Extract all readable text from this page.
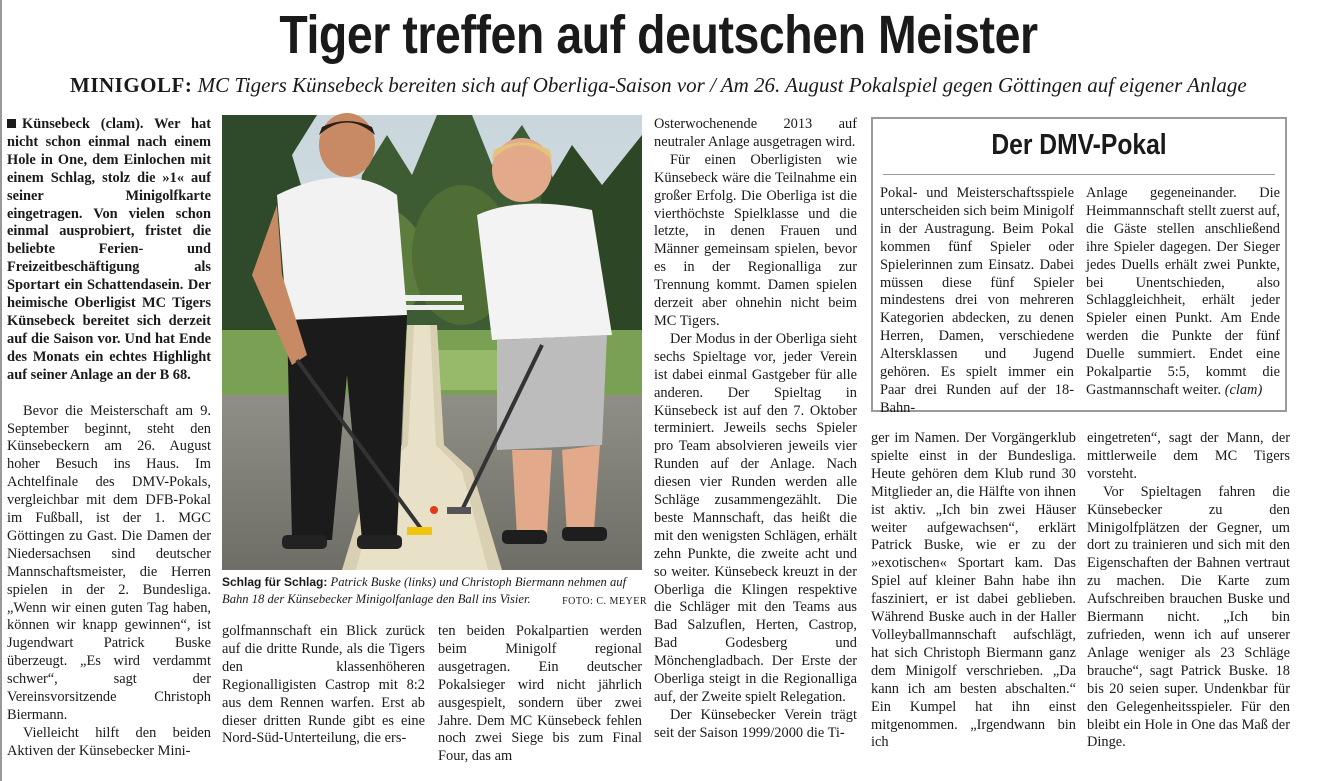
Tiger treffen auf deutschen Meister
MINIGOLF: MC Tigers Künsebeck bereiten sich auf Oberliga-Saison vor / Am 26. August Pokalspiel gegen Göttingen auf eigener Anlage

Künsebeck (clam). Wer hat nicht schon einmal nach einem Hole in One, dem Einlochen mit einem Schlag, stolz die »1« auf seiner Minigolfkarte eingetragen. Von vielen schon einmal ausprobiert, fristet die beliebte Ferien- und Freizeitbeschäftigung als Sportart ein Schattendasein. Der heimische Oberligist MC Tigers Künsebeck bereitet sich derzeit auf die Saison vor. Und hat Ende des Monats ein echtes Highlight auf seiner Anlage an der B 68.

Bevor die Meisterschaft am 9. September beginnt, steht den Künsebeckern am 26. August hoher Besuch ins Haus. Im Achtelfinale des DMV-Pokals, vergleichbar mit dem DFB-Pokal im Fußball, ist der 1. MGC Göttingen zu Gast. Die Damen der Niedersachsen sind deutscher Mannschaftsmeister, die Herren spielen in der 2. Bundesliga. „Wenn wir einen guten Tag haben, können wir knapp gewinnen“, ist Jugendwart Patrick Buske überzeugt. „Es wird verdammt schwer“, sagt der Vereinsvorsitzende Christoph Biermann.

Vielleicht hilft den beiden Aktiven der Künsebecker Mini-

Schlag für Schlag: Patrick Buske (links) und Christoph Biermann nehmen auf Bahn 18 der Künsebecker Minigolfanlage den Ball ins Visier.	FOTO: C. MEYER

golfmannschaft ein Blick zurück auf die dritte Runde, als die Tigers den klassenhöheren Regionalligisten Castrop mit 8:2 aus dem Rennen warfen. Erst ab dieser dritten Runde gibt es eine Nord-Süd-Unterteilung, die ers-

ten beiden Pokalpartien werden beim Minigolf regional ausgetragen. Ein deutscher Pokalsieger wird nicht jährlich ausgespielt, sondern über zwei Jahre. Dem MC Künsebeck fehlen noch zwei Siege bis zum Final Four, das am

Osterwochenende 2013 auf neutraler Anlage ausgetragen wird.

Für einen Oberligisten wie Künsebeck wäre die Teilnahme ein großer Erfolg. Die Oberliga ist die vierthöchste Spielklasse und die letzte, in denen Frauen und Männer gemeinsam spielen, bevor es in der Regionalliga zur Trennung kommt. Damen spielen derzeit aber ohnehin nicht beim MC Tigers.

Der Modus in der Oberliga sieht sechs Spieltage vor, jeder Verein ist dabei einmal Gastgeber für alle anderen. Der Spieltag in Künsebeck ist auf den 7. Oktober terminiert. Jeweils sechs Spieler pro Team absolvieren jeweils vier Runden auf der Anlage. Nach diesen vier Runden werden alle Schläge zusammengezählt. Die beste Mannschaft, das heißt die mit den wenigsten Schlägen, erhält zehn Punkte, die zweite acht und so weiter. Künsebeck kreuzt in der Oberliga die Klingen respektive die Schläger mit den Teams aus Bad Salzuflen, Herten, Castrop, Bad Godesberg und Mönchengladbach. Der Erste der Oberliga steigt in die Regionalliga auf, der Zweite spielt Relegation.

Der Künsebecker Verein trägt seit der Saison 1999/2000 die Ti-

Der DMV-Pokal

Pokal- und Meisterschaftsspiele unterscheiden sich beim Minigolf in der Austragung. Beim Pokal kommen fünf Spieler oder Spielerinnen zum Einsatz. Dabei müssen diese fünf Spieler mindestens drei von mehreren Kategorien abdecken, zu denen Herren, Damen, verschiedene Altersklassen und Jugend gehören. Es spielt immer ein Paar drei Runden auf der 18-Bahn-

Anlage gegeneinander. Die Heimmannschaft stellt zuerst auf, die Gäste stellen anschließend ihre Spieler dagegen. Der Sieger jedes Duells erhält zwei Punkte, bei Unentschieden, also Schlaggleichheit, erhält jeder Spieler einen Punkt. Am Ende werden die Punkte der fünf Duelle summiert. Endet eine Pokalpartie 5:5, kommt die Gastmannschaft weiter. (clam)

ger im Namen. Der Vorgängerklub spielte einst in der Bundesliga. Heute gehören dem Klub rund 30 Mitglieder an, die Hälfte von ihnen ist aktiv. „Ich bin zwei Häuser weiter aufgewachsen“, erklärt Patrick Buske, wie er zu der »exotischen« Sportart kam. Das Spiel auf kleiner Bahn habe ihn fasziniert, er ist dabei geblieben. Während Buske auch in der Haller Volleyballmannschaft aufschlägt, hat sich Christoph Biermann ganz dem Minigolf verschrieben. „Da kann ich am besten abschalten.“ Ein Kumpel hat ihn einst mitgenommen. „Irgendwann bin ich

eingetreten“, sagt der Mann, der mittlerweile dem MC Tigers vorsteht.

Vor Spieltagen fahren die Künsebecker zu den Minigolfplätzen der Gegner, um dort zu trainieren und sich mit den Eigenschaften der Bahnen vertraut zu machen. Die Karte zum Aufschreiben brauchen Buske und Biermann nicht. „Ich bin zufrieden, wenn ich auf unserer Anlage weniger als 23 Schläge brauche“, sagt Patrick Buske. 18 bis 20 seien super. Undenkbar für den Gelegenheitsspieler. Für den bleibt ein Hole in One das Maß der Dinge.
